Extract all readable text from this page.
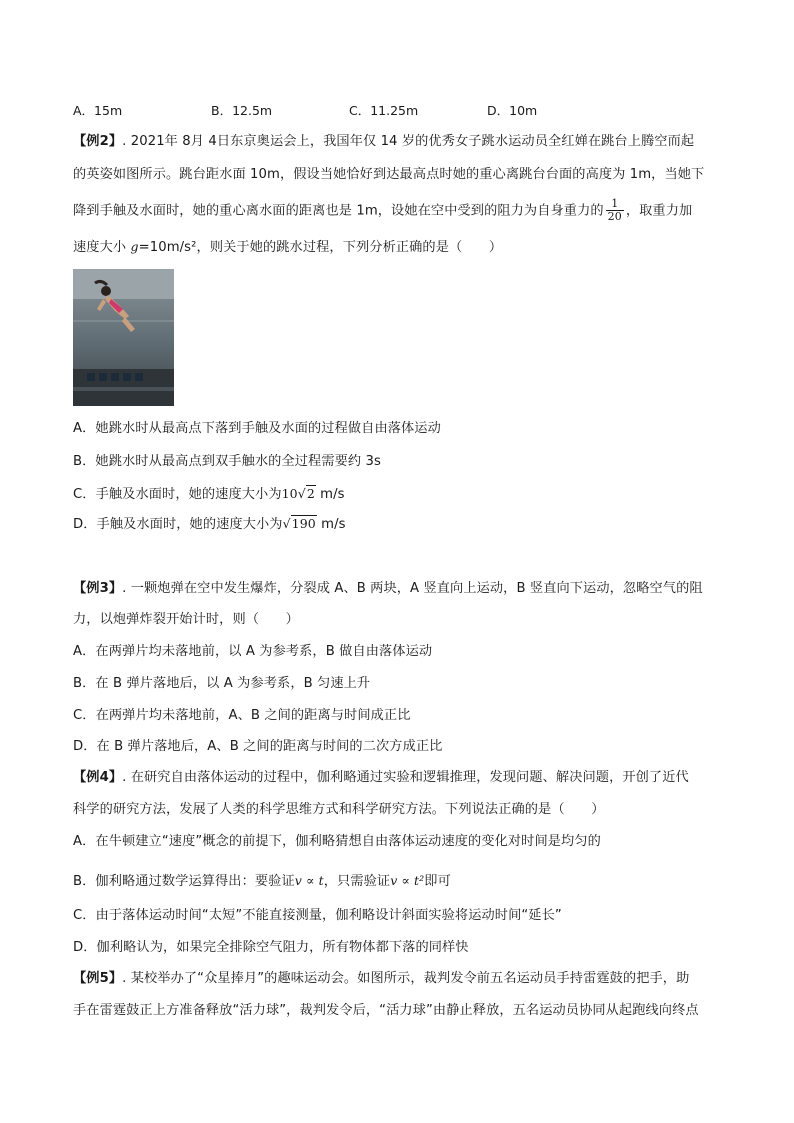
A．15m	B．12.5m	C．11.25m	D．10m
【例2】. 2021年 8月 4日东京奥运会上，我国年仅 14 岁的优秀女子跳水运动员全红婵在跳台上腾空而起
的英姿如图所示。跳台距水面 10m，假设当她恰好到达最高点时她的重心离跳台台面的高度为 1m，当她下
降到手触及水面时，她的重心离水面的距离也是 1m，设她在空中受到的阻力为自身重力的 $\frac{1}{20}$ ，取重力加
速度大小 g=10m/s²，则关于她的跳水过程，下列分析正确的是（　　）
A．她跳水时从最高点下落到手触及水面的过程做自由落体运动
B．她跳水时从最高点到双手触水的全过程需要约 3s
C．手触及水面时，她的速度大小为10√2 m/s
D．手触及水面时，她的速度大小为√190 m/s
【例3】. 一颗炮弹在空中发生爆炸，分裂成 A、B 两块，A 竖直向上运动，B 竖直向下运动，忽略空气的阻
力，以炮弹炸裂开始计时，则（　　）
A．在两弹片均未落地前，以 A 为参考系，B 做自由落体运动
B．在 B 弹片落地后，以 A 为参考系，B 匀速上升
C．在两弹片均未落地前，A、B 之间的距离与时间成正比
D．在 B 弹片落地后，A、B 之间的距离与时间的二次方成正比
【例4】. 在研究自由落体运动的过程中，伽利略通过实验和逻辑推理，发现问题、解决问题，开创了近代
科学的研究方法，发展了人类的科学思维方式和科学研究方法。下列说法正确的是（　　）
A．在牛顿建立“速度”概念的前提下，伽利略猜想自由落体运动速度的变化对时间是均匀的
B．伽利略通过数学运算得出：要验证v ∝ t，只需验证v ∝ t²即可
C．由于落体运动时间“太短”不能直接测量，伽利略设计斜面实验将运动时间“延长”
D．伽利略认为，如果完全排除空气阻力，所有物体都下落的同样快
【例5】. 某校举办了“众星捧月”的趣味运动会。如图所示，裁判发令前五名运动员手持雷霆鼓的把手，助
手在雷霆鼓正上方准备释放“活力球”，裁判发令后，“活力球”由静止释放，五名运动员协同从起跑线向终点
